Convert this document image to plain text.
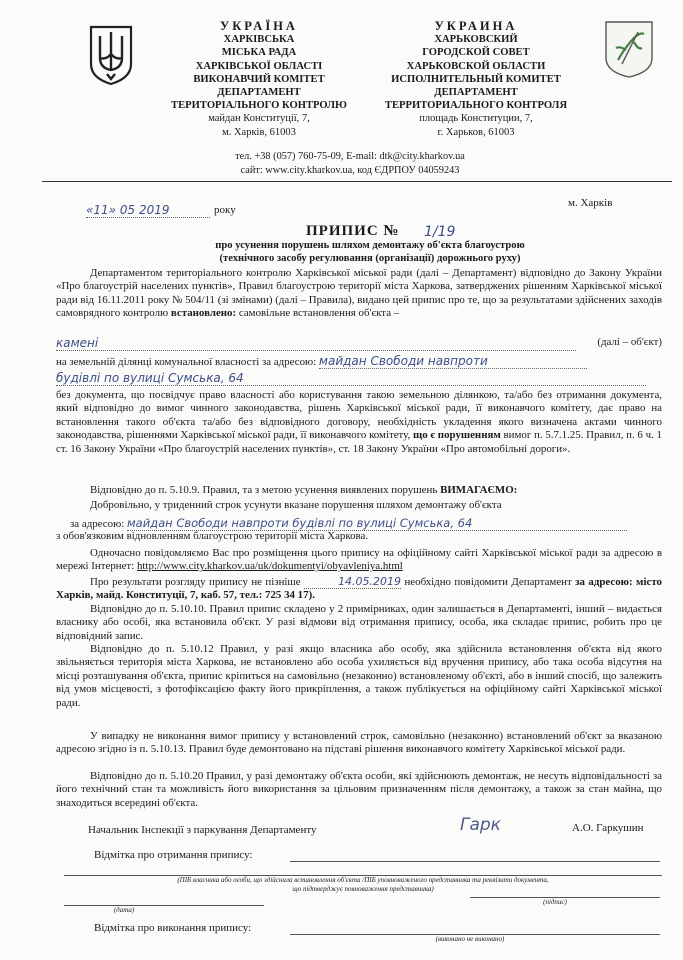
УКРАЇНА
ХАРКІВСЬКА
МІСЬКА РАДА
ХАРКІВСЬКОЇ ОБЛАСТІ
ВИКОНАВЧИЙ КОМІТЕТ
ДЕПАРТАМЕНТ
ТЕРИТОРІАЛЬНОГО КОНТРОЛЮ
майдан Конституції, 7,
м. Харків, 61003
УКРАИНА
ХАРЬКОВСКИЙ
ГОРОДСКОЙ СОВЕТ
ХАРЬКОВСКОЙ ОБЛАСТИ
ИСПОЛНИТЕЛЬНЫЙ КОМИТЕТ
ДЕПАРТАМЕНТ
ТЕРРИТОРИАЛЬНОГО КОНТРОЛЯ
площадь Конституции, 7,
г. Харьков, 61003
тел. +38 (057) 760-75-09, E-mail: dtk@city.kharkov.ua
сайт: www.city.kharkov.ua, код ЄДРПОУ 04059243
«11» 05 2019	року
м. Харків
ПРИПИС № 1/19
про усунення порушень шляхом демонтажу об'єкта благоустрою
(технічного засобу регулювання (організації) дорожнього руху)

Департаментом територіального контролю Харківської міської ради (далі – Департамент) відповідно до Закону України «Про благоустрій населених пунктів», Правил благоустрою території міста Харкова, затверджених рішенням Харківської міської ради від 16.11.2011 року № 504/11 (зі змінами) (далі – Правила), видано цей припис про те, що за результатами здійснених заходів самоврядного контролю встановлено: самовільне встановлення об'єкта –

камені	(далі – об'єкт)
на земельній ділянці комунальної власності за адресою: майдан Свободи навпроти
будівлі по вулиці Сумська, 64

без документа, що посвідчує право власності або користування такою земельною ділянкою, та/або без отримання документа, який відповідно до вимог чинного законодавства, рішень Харківської міської ради, її виконавчого комітету, дає право на встановлення такого об'єкта та/або без відповідного договору, необхідність укладення якого визначена актами чинного законодавства, рішеннями Харківської міської ради, її виконавчого комітету, що є порушенням вимог п. 5.7.1.25. Правил, п. 6 ч. 1 ст. 16 Закону України «Про благоустрій населених пунктів», ст. 18 Закону України «Про автомобільні дороги».

Відповідно до п. 5.10.9. Правил, та з метою усунення виявлених порушень ВИМАГАЄМО:

Добровільно, у триденний строк усунути вказане порушення шляхом демонтажу об'єкта

за адресою: майдан Свободи навпроти будівлі по вулиці Сумська, 64

з обов'язковим відновленням благоустрою території міста Харкова.

Одночасно повідомляємо Вас про розміщення цього припису на офіційному сайті Харківської міської ради за адресою в мережі Інтернет: http://www.city.kharkov.ua/uk/dokumentyi/obyavleniya.html

Про результати розгляду припису не пізніше	14.05.2019 необхідно повідомити Департамент за адресою: місто Харків, майд. Конституції, 7, каб. 57, тел.: 725 34 17).

Відповідно до п. 5.10.10. Правил припис складено у 2 примірниках, один залишається в Департаменті, інший – видається власнику або особі, яка встановила об'єкт. У разі відмови від отримання припису, особа, яка складає припис, робить про це відповідний запис.

Відповідно до п. 5.10.12 Правил, у разі якщо власника або особу, яка здійснила встановлення об'єкта від якого звільняється територія міста Харкова, не встановлено або особа ухиляється від вручення припису, або така особа відсутня на місці розташування об'єкта, припис кріпиться на самовільно (незаконно) встановленому об'єкті, або в інший спосіб, що залежить від умов місцевості, з фотофіксацією факту його прикріплення, а також публікується на офіційному сайті Харківської міської ради.

У випадку не виконання вимог припису у встановлений строк, самовільно (незаконно) встановлений об'єкт за вказаною адресою згідно із п. 5.10.13. Правил буде демонтовано на підставі рішення виконавчого комітету Харківської міської ради.

Відповідно до п. 5.10.20 Правил, у разі демонтажу об'єкта особи, які здійснюють демонтаж, не несуть відповідальності за його технічний стан та можливість його використання за цільовим призначенням після демонтажу, а також за стан майна, що знаходиться всередині об'єкта.

Начальник Інспекції з паркування Департаменту	Гарк	А.О. Гаркушин
Відмітка про отримання припису:
(ПІБ власника або особи, що здійснила встановлення об'єкта /ПІБ уповноваженого представника та реквізити документа,
що підтверджує повноваження представника)
(дата)
(підпис)
Відмітка про виконання припису:
(виконано не виконано)
